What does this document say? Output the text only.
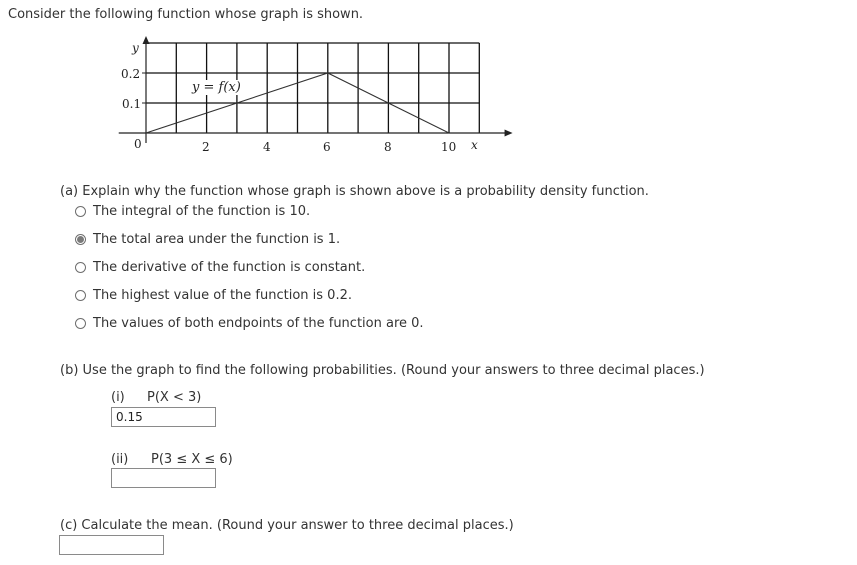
Consider the following function whose graph is shown.
y = f(x)
y
x
0.2
0.1
0	2	4	6	8	10
(a) Explain why the function whose graph is shown above is a probability density function.
The integral of the function is 10.
The total area under the function is 1.
The derivative of the function is constant.
The highest value of the function is 0.2.
The values of both endpoints of the function are 0.
(b) Use the graph to find the following probabilities. (Round your answers to three decimal places.)
(i) P(X < 3)
0.15
(ii) P(3 ≤ X ≤ 6)
(c) Calculate the mean. (Round your answer to three decimal places.)
